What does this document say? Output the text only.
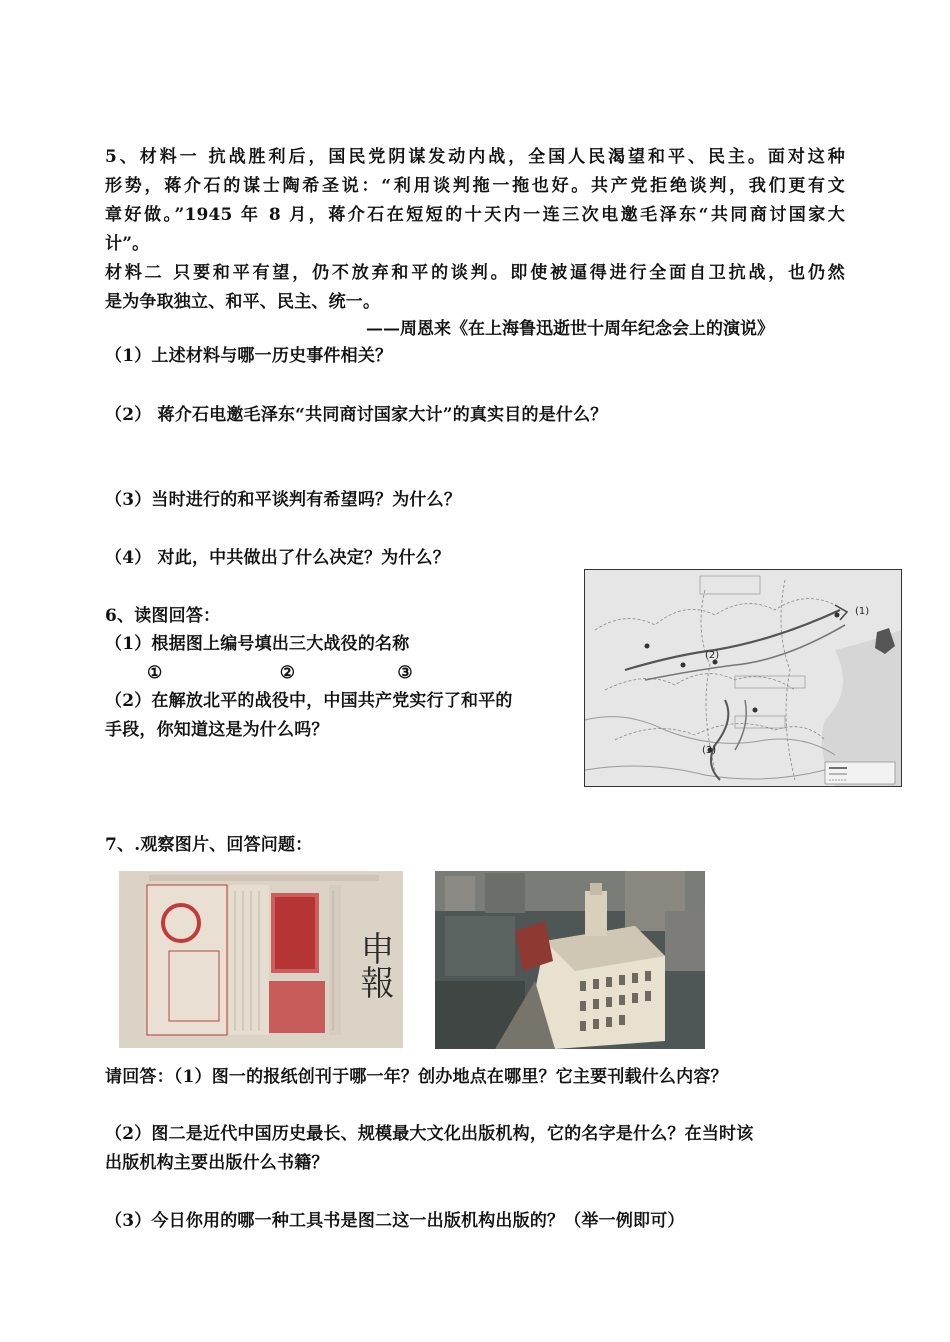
5、材料一 抗战胜利后，国民党阴谋发动内战，全国人民渴望和平、民主。面对这种
形势，蒋介石的谋士陶希圣说：“利用谈判拖一拖也好。共产党拒绝谈判，我们更有文
章好做。”1945 年 8 月，蒋介石在短短的十天内一连三次电邀毛泽东“共同商讨国家大
计”。
材料二 只要和平有望，仍不放弃和平的谈判。即使被逼得进行全面自卫抗战，也仍然
是为争取独立、和平、民主、统一。
——周恩来《在上海鲁迅逝世十周年纪念会上的演说》
（1）上述材料与哪一历史事件相关？
（2） 蒋介石电邀毛泽东“共同商讨国家大计”的真实目的是什么？
（3）当时进行的和平谈判有希望吗？为什么？
（4） 对此，中共做出了什么决定？为什么？
6、读图回答：
（1）根据图上编号填出三大战役的名称
①	②	③
（2）在解放北平的战役中，中国共产党实行了和平的
手段，你知道这是为什么吗？
(1)
(2)
(3)
7、.观察图片、回答问题：
申報
请回答：（1）图一的报纸创刊于哪一年？创办地点在哪里？它主要刊载什么内容？
（2）图二是近代中国历史最长、规模最大文化出版机构，它的名字是什么？在当时该
出版机构主要出版什么书籍？
（3）今日你用的哪一种工具书是图二这一出版机构出版的？（举一例即可）
